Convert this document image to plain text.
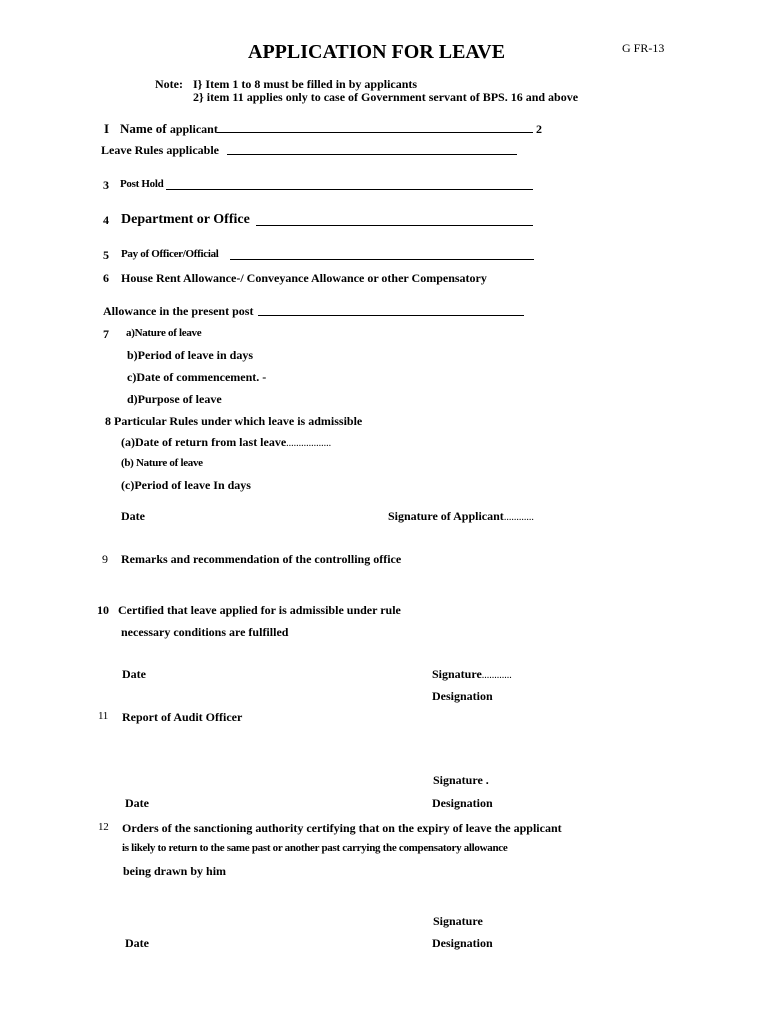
APPLICATION FOR LEAVE	G FR-13
Note: I} Item 1 to 8 must be filled in by applicants
2} item 11 applies only to case of Government servant of BPS. 16 and above
I Name of applicant	2
Leave Rules applicable
3 Post Hold
4 Department or Office
5 Pay of Officer/Official
6 House Rent Allowance-/ Conveyance Allowance or other Compensatory
Allowance in the present post
7 a)Nature of leave
b)Period of leave in days
c)Date of commencement. -
d)Purpose of leave
8 Particular Rules under which leave is admissible
(a)Date of return from last leave..................
(b) Nature of leave
(c)Period of leave In days
Date	Signature of Applicant............
9 Remarks and recommendation of the controlling office
10 Certified that leave applied for is admissible under rule
necessary conditions are fulfilled
Date	Signature............
Designation
11 Report of Audit Officer
Signature .
Date	Designation
12 Orders of the sanctioning authority certifying that on the expiry of leave the applicant
is likely to return to the same past or another past carrying the compensatory allowance
being drawn by him
Signature
Date	Designation
